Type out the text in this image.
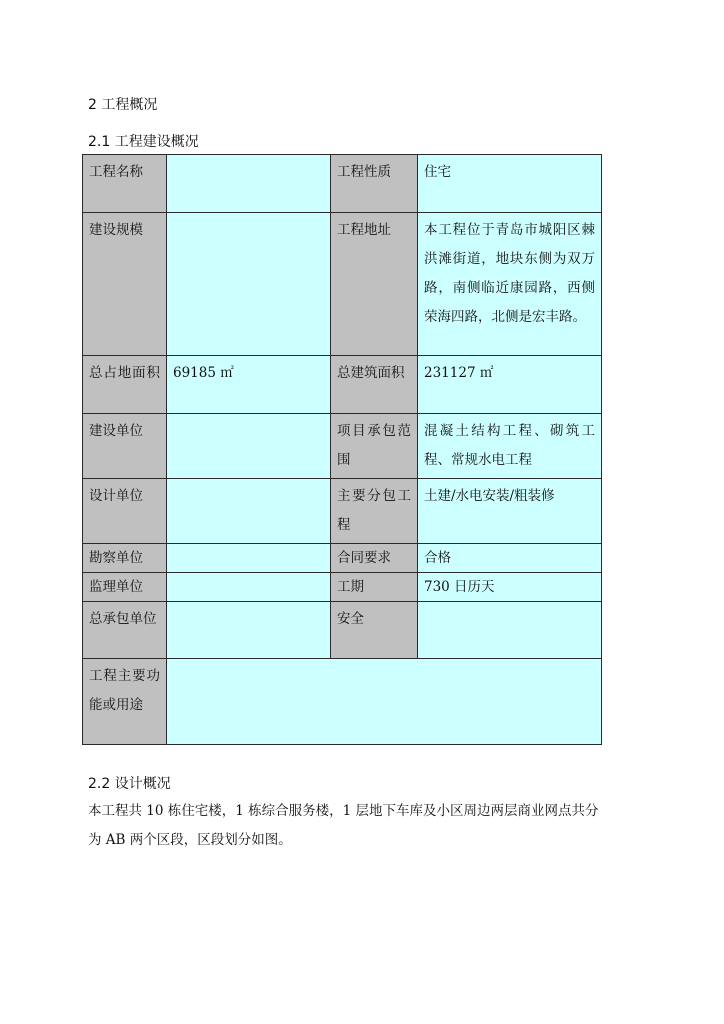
2 工程概况
2.1 工程建设概况
工程名称		工程性质	住宅
建设规模		工程地址	本工程位于青岛市城阳区棘洪滩街道，地块东侧为双万路，南侧临近康园路，西侧荣海四路，北侧是宏丰路。
总占地面积	69185 ㎡	总建筑面积	231127 ㎡
建设单位		项目承包范围	混凝土结构工程、砌筑工程、常规水电工程
设计单位		主要分包工程	土建/水电安装/粗装修
勘察单位		合同要求	合格
监理单位		工期	730 日历天
总承包单位		安全	
工程主要功能或用途			
2.2 设计概况
本工程共 10 栋住宅楼，1 栋综合服务楼，1 层地下车库及小区周边两层商业网点共分
为 AB 两个区段，区段划分如图。
